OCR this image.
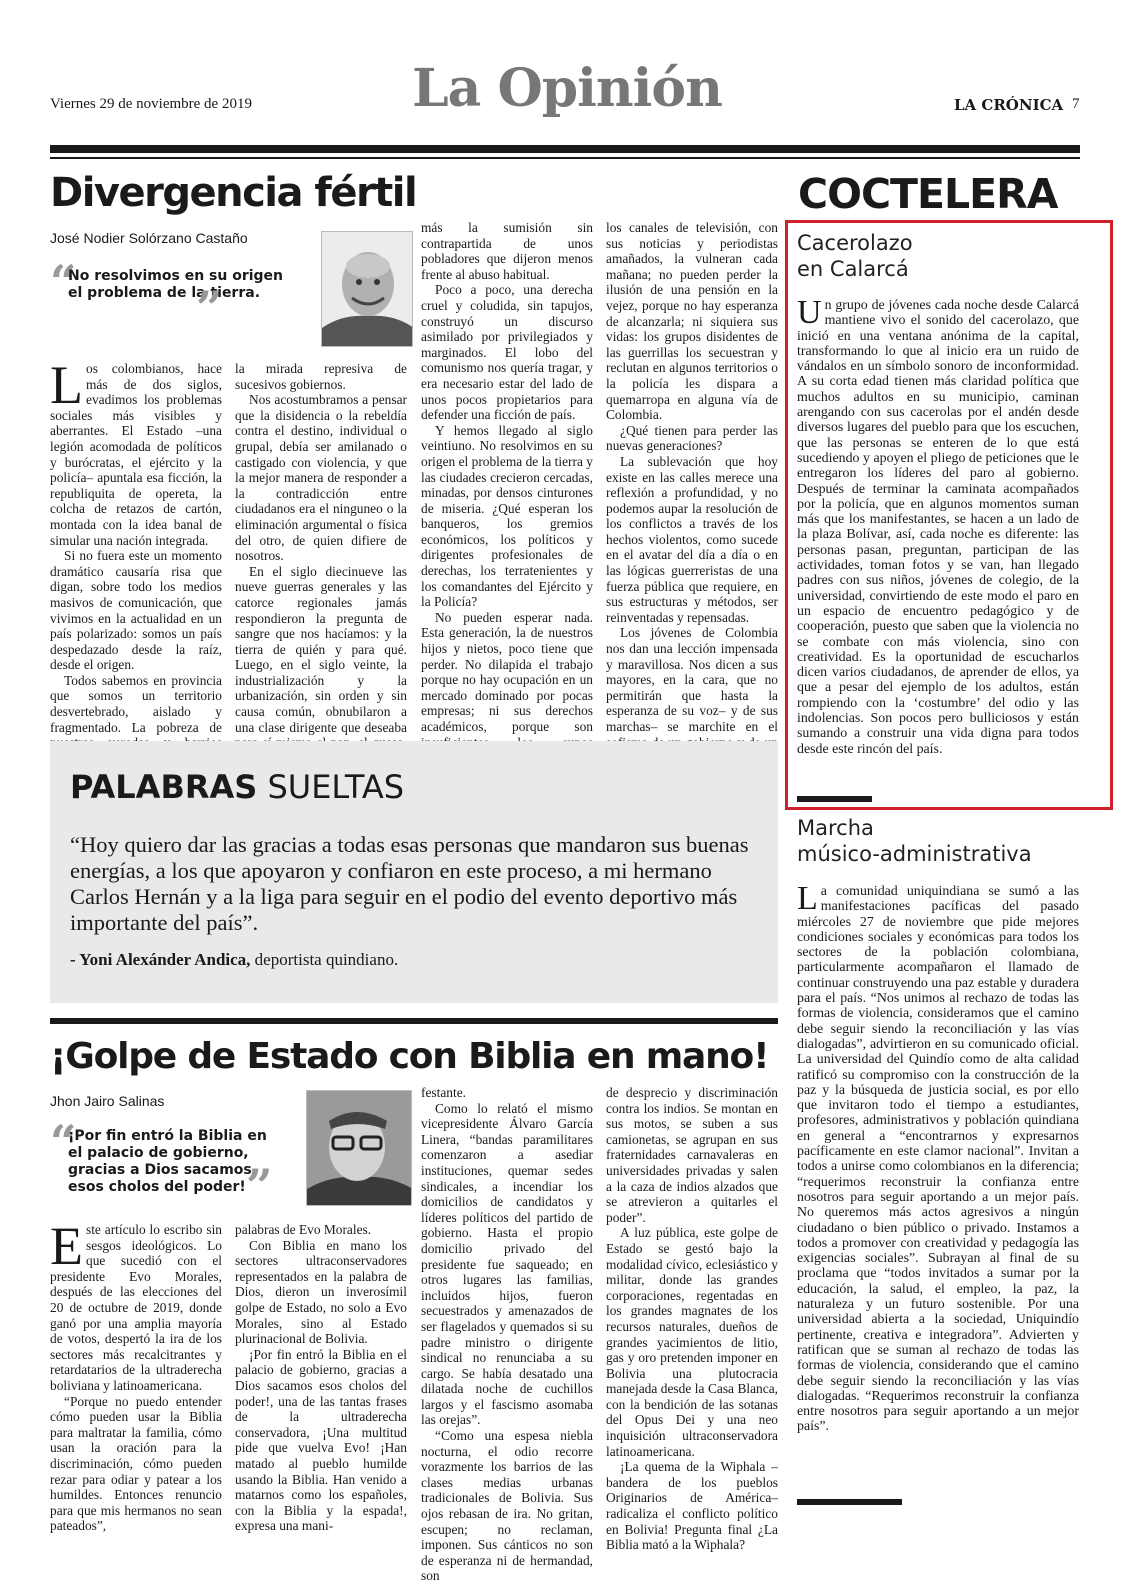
Viernes 29 de noviembre de 2019	La Opinión	LA CRÓNICA 7
Divergencia fértil
José Nodier Solórzano Castaño
“
No resolvimos en su origen el problema de la tierra.
”

Los colombianos, hace más de dos siglos, evadimos los problemas sociales más visibles y aberrantes. El Estado –una legión acomodada de políticos y burócratas, el ejército y la policía– apuntala esa ficción, la republiquita de opereta, la colcha de retazos de cartón, montada con la idea banal de simular una nación integrada.

Si no fuera este un momento dramático causaría risa que digan, sobre todo los medios masivos de comunicación, que vivimos en la actualidad en un país polarizado: somos un país despedazado desde la raíz, desde el origen.

Todos sabemos en provincia que somos un territorio desvertebrado, aislado y fragmentado. La pobreza de

la mirada represiva de sucesivos gobiernos.

Nos acostumbramos a pensar que la disidencia o la rebeldía contra el destino, individual o grupal, debía ser amilanado o castigado con violencia, y que la mejor manera de responder a la contradicción entre ciudadanos era el ninguneo o la eliminación argumental o física del otro, de quien difiere de nosotros.

En el siglo diecinueve las nueve guerras generales y las catorce regionales jamás respondieron la pregunta de sangre que nos hacíamos: y la tierra de quién y para qué. Luego, en el siglo veinte, la industrialización y la urbanización, sin orden y sin causa común, obnubilaron a una clase dirigente que deseaba

más la sumisión sin contrapartida de unos pobladores que dijeron menos frente al abuso habitual.

Poco a poco, una derecha cruel y coludida, sin tapujos, construyó un discurso asimilado por privilegiados y marginados. El lobo del comunismo nos quería tragar, y era necesario estar del lado de unos pocos propietarios para defender una ficción de país.

Y hemos llegado al siglo veintiuno. No resolvimos en su origen el problema de la tierra y las ciudades crecieron cercadas, minadas, por densos cinturones de miseria. ¿Qué esperan los banqueros, los gremios económicos, los políticos y dirigentes profesionales de derechas, los terratenientes y los comandantes del Ejército y la Policía?

No pueden esperar nada. Esta generación, la de nuestros hijos y nietos, poco tiene que perder. No dilapida el trabajo porque no hay ocupación en un mercado dominado por pocas empresas; ni sus derechos académicos, porque son

los canales de televisión, con sus noticias y periodistas amañados, la vulneran cada mañana; no pueden perder la ilusión de una pensión en la vejez, porque no hay esperanza de alcanzarla; ni siquiera sus vidas: los grupos disidentes de las guerrillas los secuestran y reclutan en algunos territorios o la policía les dispara a quemarropa en alguna vía de Colombia.

¿Qué tienen para perder las nuevas generaciones?

La sublevación que hoy existe en las calles merece una reflexión a profundidad, y no podemos aupar la resolución de los conflictos a través de los hechos violentos, como sucede en el avatar del día a día o en las lógicas guerreristas de una fuerza pública que requiere, en sus estructuras y métodos, ser reinventadas y repensadas.

Los jóvenes de Colombia nos dan una lección impensada y maravillosa. Nos dicen a sus mayores, en la cara, que no permitirán que hasta la esperanza de su voz– y de sus marchas– se marchite en el

PALABRAS SUELTAS
“Hoy quiero dar las gracias a todas esas personas que mandaron sus buenas energías, a los que apoyaron y confiaron en este proceso, a mi hermano Carlos Hernán y a la liga para seguir en el podio del evento deportivo más importante del país”.
- Yoni Alexánder Andica, deportista quindiano.
¡Golpe de Estado con Biblia en mano!
Jhon Jairo Salinas
“
¡Por fin entró la Biblia en el palacio de gobierno, gracias a Dios sacamos esos cholos del poder! ”

Este artículo lo escribo sin sesgos ideológicos. Lo que sucedió con el presidente Evo Morales, después de las elecciones del 20 de octubre de 2019, donde ganó por una amplia mayoría de votos, despertó la ira de los sectores más recalcitrantes y retardatarios de la ultraderecha boliviana y latinoamericana.

“Porque no puedo entender cómo pueden usar la Biblia para maltratar la familia, cómo usan la oración para la discriminación, cómo pueden rezar para odiar y patear a los humildes. Entonces renuncio para que mis hermanos no sean pateados”,

palabras de Evo Morales.

Con Biblia en mano los sectores ultraconservadores representados en la palabra de Dios, dieron un inverosímil golpe de Estado, no solo a Evo Morales, sino al Estado plurinacional de Bolivia.

¡Por fin entró la Biblia en el palacio de gobierno, gracias a Dios sacamos esos cholos del poder!, una de las tantas frases de la ultraderecha conservadora, ¡Una multitud pide que vuelva Evo! ¡Han matado al pueblo humilde usando la Biblia. Han venido a matarnos como los españoles, con la Biblia y la espada!, expresa una mani-

festante.

Como lo relató el mismo vicepresidente Álvaro García Linera, “bandas paramilitares comenzaron a asediar instituciones, quemar sedes sindicales, a incendiar los domicilios de candidatos y líderes políticos del partido de gobierno. Hasta el propio domicilio privado del presidente fue saqueado; en otros lugares las familias, incluidos hijos, fueron secuestrados y amenazados de ser flagelados y quemados si su padre ministro o dirigente sindical no renunciaba a su cargo. Se había desatado una dilatada noche de cuchillos largos y el fascismo asomaba las orejas”.

“Como una espesa niebla nocturna, el odio recorre vorazmente los barrios de las clases medias urbanas tradicionales de Bolivia. Sus ojos rebasan de ira. No gritan, escupen; no reclaman, imponen. Sus cánticos no son de esperanza ni de hermandad, son

de desprecio y discriminación contra los indios. Se montan en sus motos, se suben a sus camionetas, se agrupan en sus fraternidades carnavaleras en universidades privadas y salen a la caza de indios alzados que se atrevieron a quitarles el poder”.

A luz pública, este golpe de Estado se gestó bajo la modalidad cívico, eclesiástico y militar, donde las grandes corporaciones, regentadas en los grandes magnates de los recursos naturales, dueños de grandes yacimientos de litio, gas y oro pretenden imponer en Bolivia una plutocracia manejada desde la Casa Blanca, con la bendición de las sotanas del Opus Dei y una neo inquisición ultraconservadora latinoamericana.

¡La quema de la Wiphala – bandera de los pueblos Originarios de América– radicaliza el conflicto político en Bolivia! Pregunta final ¿La Biblia mató a la Wiphala?

COCTELERA
Cacerolazo
en Calarcá
Un grupo de jóvenes cada noche desde Calarcá mantiene vivo el sonido del cacerolazo, que inició en una ventana anónima de la capital, transformando lo que al inicio era un ruido de vándalos en un símbolo sonoro de inconformidad. A su corta edad tienen más claridad política que muchos adultos en su municipio, caminan arengando con sus cacerolas por el andén desde diversos lugares del pueblo para que los escuchen, que las personas se enteren de lo que está sucediendo y apoyen el pliego de peticiones que le entregaron los líderes del paro al gobierno. Después de terminar la caminata acompañados por la policía, que en algunos momentos suman más que los manifestantes, se hacen a un lado de la plaza Bolívar, así, cada noche es diferente: las personas pasan, preguntan, participan de las actividades, toman fotos y se van, han llegado padres con sus niños, jóvenes de colegio, de la universidad, convirtiendo de este modo el paro en un espacio de encuentro pedagógico y de cooperación, puesto que saben que la violencia no se combate con más violencia, sino con creatividad. Es la oportunidad de escucharlos dicen varios ciudadanos, de aprender de ellos, ya que a pesar del ejemplo de los adultos, están rompiendo con la ‘costumbre’ del odio y las indolencias. Son pocos pero bulliciosos y están sumando a construir una vida digna para todos desde este rincón del país.
Marcha
músico-administrativa
La comunidad uniquindiana se sumó a las manifestaciones pacíficas del pasado miércoles 27 de noviembre que pide mejores condiciones sociales y económicas para todos los sectores de la población colombiana, particularmente acompañaron el llamado de continuar construyendo una paz estable y duradera para el país. “Nos unimos al rechazo de todas las formas de violencia, consideramos que el camino debe seguir siendo la reconciliación y las vías dialogadas”, advirtieron en su comunicado oficial. La universidad del Quindío como de alta calidad ratificó su compromiso con la construcción de la paz y la búsqueda de justicia social, es por ello que invitaron todo el tiempo a estudiantes, profesores, administrativos y población quindiana en general a “encontrarnos y expresarnos pacíficamente en este clamor nacional”. Invitan a todos a unirse como colombianos en la diferencia; “requerimos reconstruir la confianza entre nosotros para seguir aportando a un mejor país. No queremos más actos agresivos a ningún ciudadano o bien público o privado. Instamos a todos a promover con creatividad y pedagogía las exigencias sociales”. Subrayan al final de su proclama que “todos invitados a sumar por la educación, la salud, el empleo, la paz, la naturaleza y un futuro sostenible. Por una universidad abierta a la sociedad, Uniquindío pertinente, creativa e integradora”. Advierten y ratifican que se suman al rechazo de todas las formas de violencia, considerando que el camino debe seguir siendo la reconciliación y las vías dialogadas. “Requerimos reconstruir la confianza entre nosotros para seguir aportando a un mejor país”.
